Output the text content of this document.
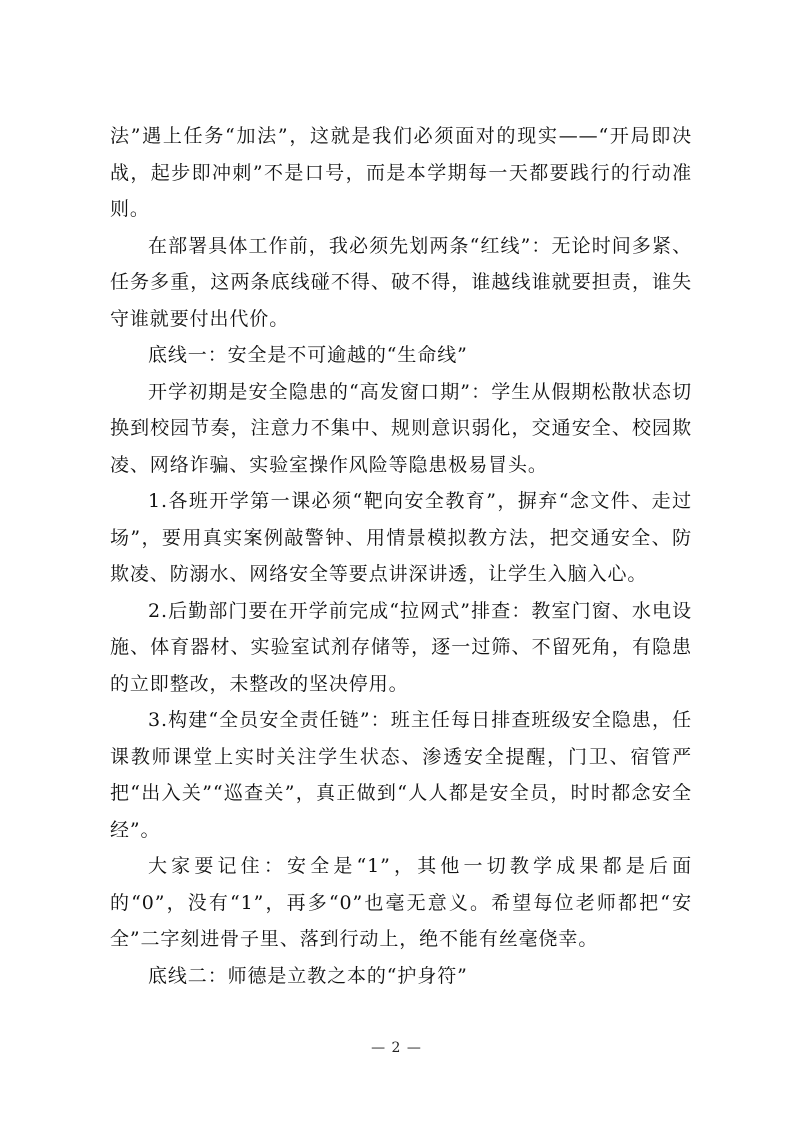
法”遇上任务“加法”，这就是我们必须面对的现实——“开局即决战，起步即冲刺”不是口号，而是本学期每一天都要践行的行动准则。

在部署具体工作前，我必须先划两条“红线”：无论时间多紧、任务多重，这两条底线碰不得、破不得，谁越线谁就要担责，谁失守谁就要付出代价。

底线一：安全是不可逾越的“生命线”

开学初期是安全隐患的“高发窗口期”：学生从假期松散状态切换到校园节奏，注意力不集中、规则意识弱化，交通安全、校园欺凌、网络诈骗、实验室操作风险等隐患极易冒头。

1.各班开学第一课必须“靶向安全教育”，摒弃“念文件、走过场”，要用真实案例敲警钟、用情景模拟教方法，把交通安全、防欺凌、防溺水、网络安全等要点讲深讲透，让学生入脑入心。

2.后勤部门要在开学前完成“拉网式”排查：教室门窗、水电设施、体育器材、实验室试剂存储等，逐一过筛、不留死角，有隐患的立即整改，未整改的坚决停用。

3.构建“全员安全责任链”：班主任每日排查班级安全隐患，任课教师课堂上实时关注学生状态、渗透安全提醒，门卫、宿管严把“出入关”“巡查关”，真正做到“人人都是安全员，时时都念安全经”。

大家要记住：安全是“1”，其他一切教学成果都是后面的“0”，没有“1”，再多“0”也毫无意义。希望每位老师都把“安全”二字刻进骨子里、落到行动上，绝不能有丝毫侥幸。

底线二：师德是立教之本的“护身符”

— 2 —
